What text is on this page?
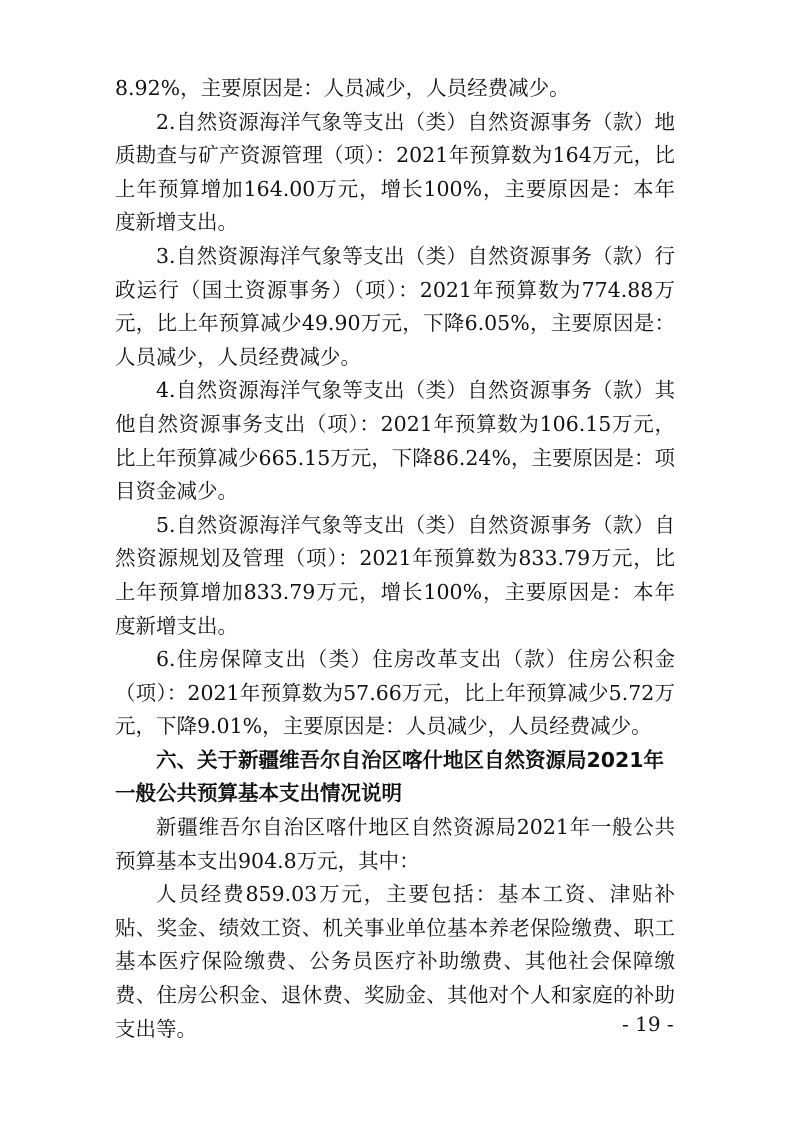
8.92%，主要原因是：人员减少，人员经费减少。

2.自然资源海洋气象等支出（类）自然资源事务（款）地质勘查与矿产资源管理（项）：2021年预算数为164万元，比上年预算增加164.00万元，增长100%，主要原因是：本年度新增支出。

3.自然资源海洋气象等支出（类）自然资源事务（款）行政运行（国土资源事务）（项）：2021年预算数为774.88万元，比上年预算减少49.90万元，下降6.05%，主要原因是：人员减少，人员经费减少。

4.自然资源海洋气象等支出（类）自然资源事务（款）其他自然资源事务支出（项）：2021年预算数为106.15万元，比上年预算减少665.15万元，下降86.24%，主要原因是：项目资金减少。

5.自然资源海洋气象等支出（类）自然资源事务（款）自然资源规划及管理（项）：2021年预算数为833.79万元，比上年预算增加833.79万元，增长100%，主要原因是：本年度新增支出。

6.住房保障支出（类）住房改革支出（款）住房公积金（项）：2021年预算数为57.66万元，比上年预算减少5.72万元，下降9.01%，主要原因是：人员减少，人员经费减少。

六、关于新疆维吾尔自治区喀什地区自然资源局2021年一般公共预算基本支出情况说明

新疆维吾尔自治区喀什地区自然资源局2021年一般公共预算基本支出904.8万元，其中：

人员经费859.03万元，主要包括：基本工资、津贴补贴、奖金、绩效工资、机关事业单位基本养老保险缴费、职工基本医疗保险缴费、公务员医疗补助缴费、其他社会保障缴费、住房公积金、退休费、奖励金、其他对个人和家庭的补助支出等。	- 19 -
